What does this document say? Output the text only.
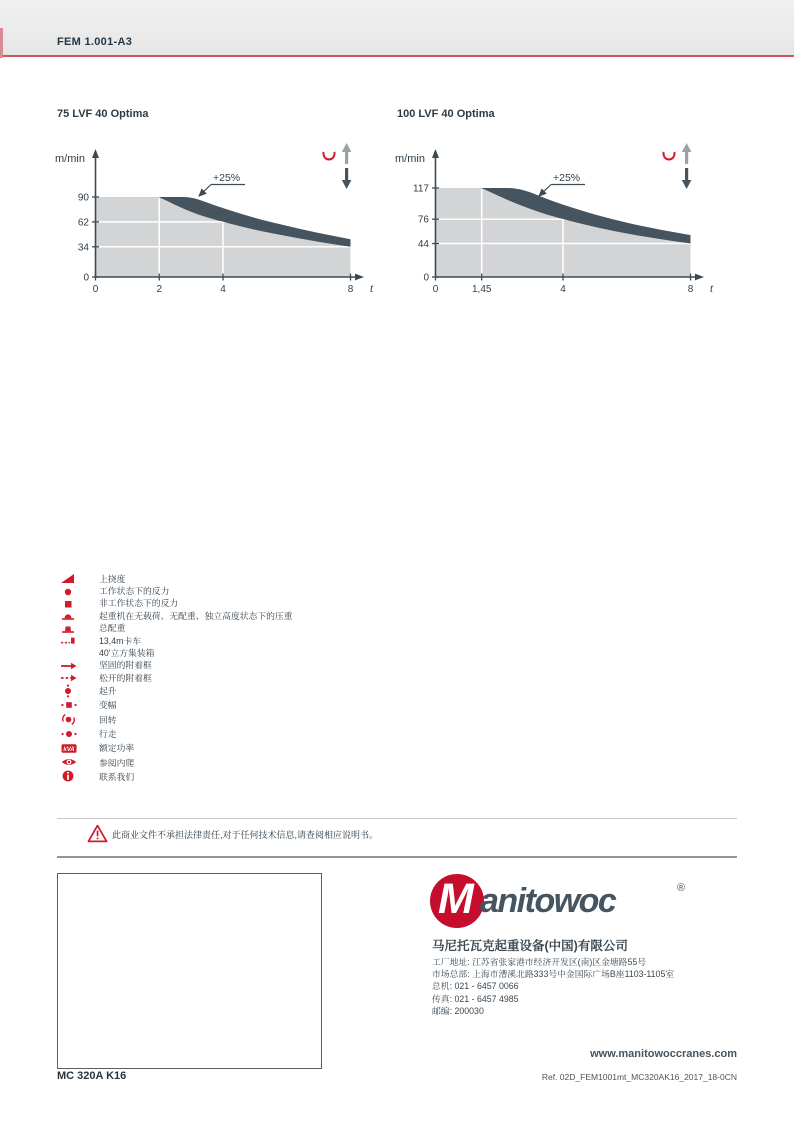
FEM 1.001-A3
75 LVF 40 Optima
0
34
62
90
0	2	4	8
m/min
t
+25%
100 LVF 40 Optima
0
44
76
117
0	1,45	4	8
m/min
t
+25%
上挠度
工作状态下的反力
非工作状态下的反力
起重机在无载荷、无配重、独立高度状态下的压重
总配重
13,4m卡车
40'立方集装箱
坚固的附着框
松开的附着框
起升
变幅
回转
行走
kVA	额定功率
参阅内爬
联系我们
此商业文件不承担法律责任,对于任何技术信息,请查阅相应说明书。
M anitowoc	®
马尼托瓦克起重设备(中国)有限公司
工厂地址: 江苏省张家港市经济开发区(南)区金塘路55号
市场总部: 上海市漕溪北路333号中金国际广场B座1103-1105室
总机: 021 - 6457 0066
传真: 021 - 6457 4985
邮编: 200030
www.manitowoccranes.com
Ref. 02D_FEM1001mt_MC320AK16_2017_18-0CN
MC 320A K16
